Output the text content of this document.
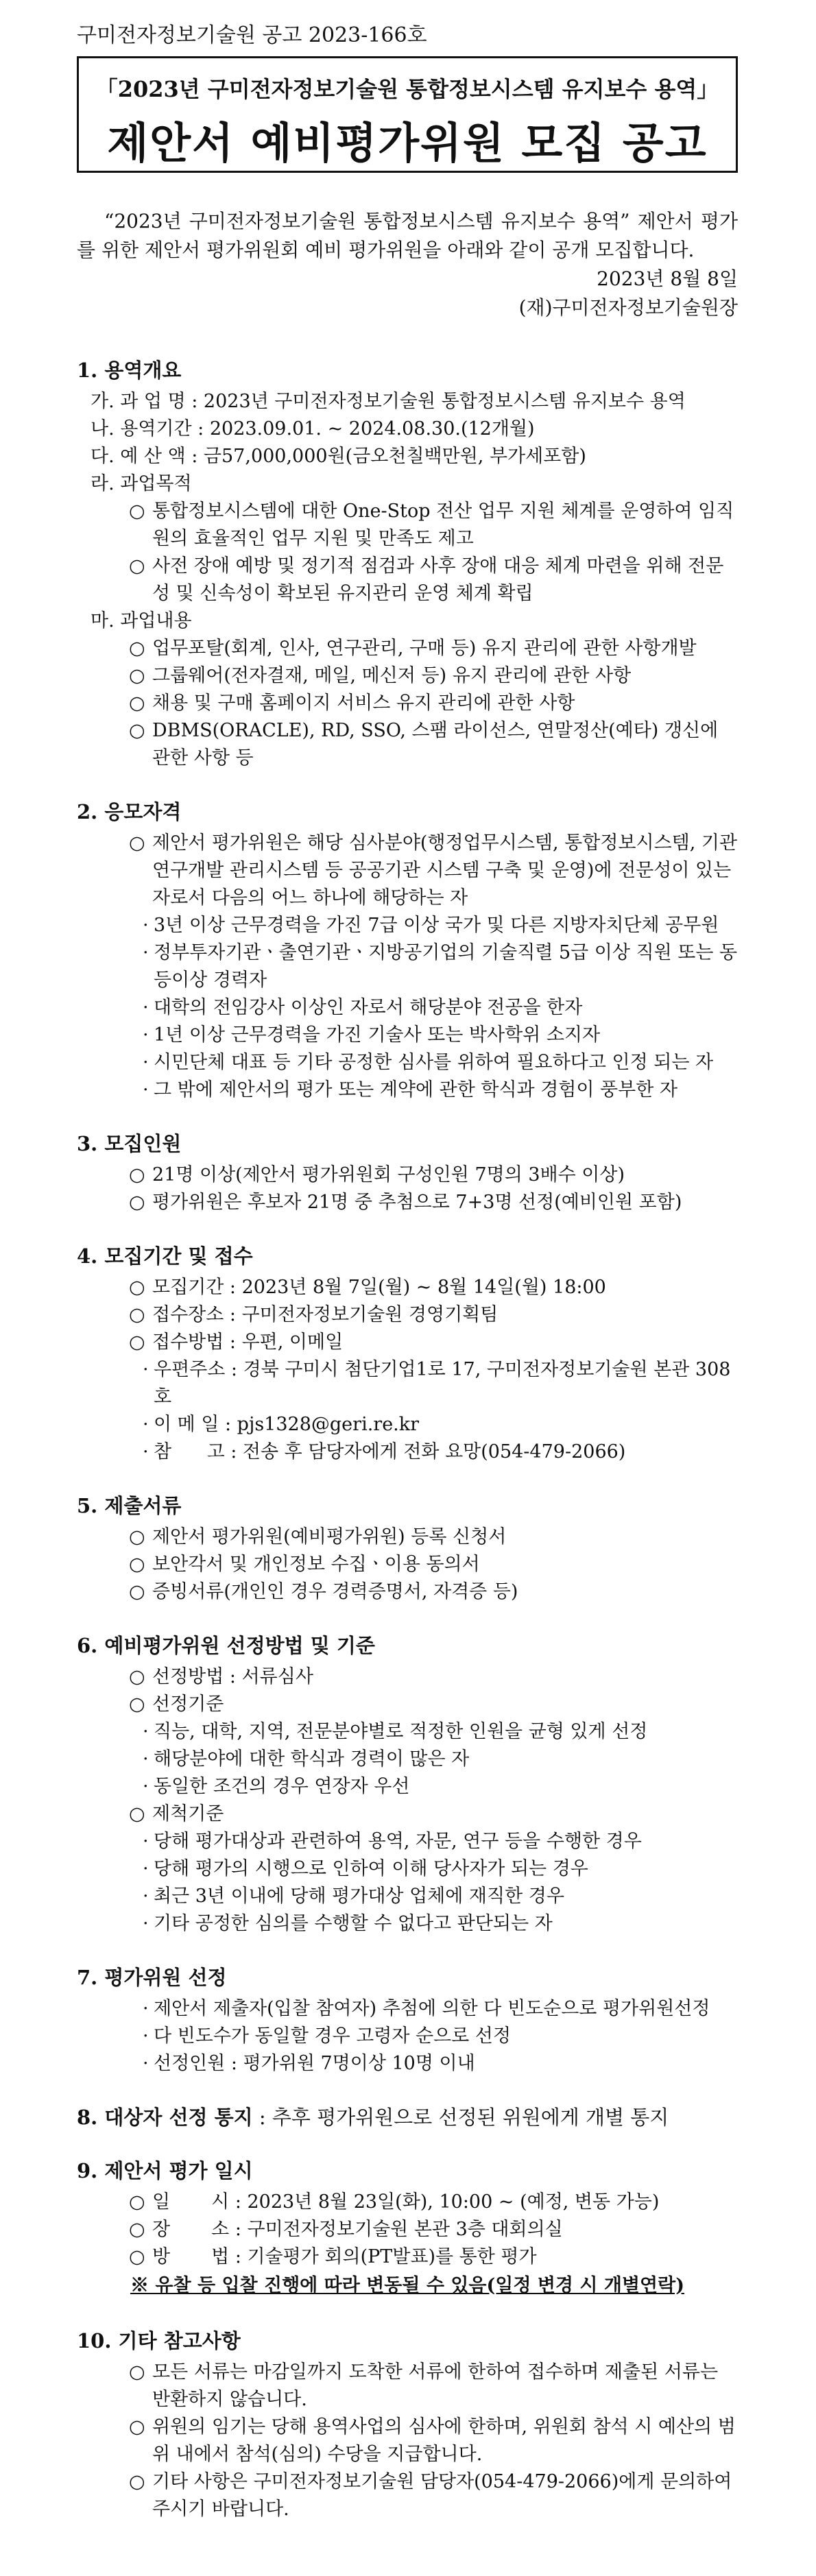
구미전자정보기술원 공고 2023-166호
「2023년 구미전자정보기술원 통합정보시스템 유지보수 용역」
제안서 예비평가위원 모집 공고
“2023년 구미전자정보기술원 통합정보시스템 유지보수 용역” 제안서 평가를 위한 제안서 평가위원회 예비 평가위원을 아래와 같이 공개 모집합니다.
2023년 8월 8일
(재)구미전자정보기술원장
1. 용역개요
가. 과 업 명 : 2023년 구미전자정보기술원 통합정보시스템 유지보수 용역
나. 용역기간 : 2023.09.01. ~ 2024.08.30.(12개월)
다. 예 산 액 : 금57,000,000원(금오천칠백만원, 부가세포함)
라. 과업목적
○ 통합정보시스템에 대한 One-Stop 전산 업무 지원 체계를 운영하여 임직원의 효율적인 업무 지원 및 만족도 제고
○ 사전 장애 예방 및 정기적 점검과 사후 장애 대응 체계 마련을 위해 전문성 및 신속성이 확보된 유지관리 운영 체계 확립
마. 과업내용
○ 업무포탈(회계, 인사, 연구관리, 구매 등) 유지 관리에 관한 사항개발
○ 그룹웨어(전자결재, 메일, 메신저 등) 유지 관리에 관한 사항
○ 채용 및 구매 홈페이지 서비스 유지 관리에 관한 사항
○ DBMS(ORACLE), RD, SSO, 스팸 라이선스, 연말정산(예타) 갱신에 관한 사항 등
2. 응모자격
○ 제안서 평가위원은 해당 심사분야(행정업무시스템, 통합정보시스템, 기관 연구개발 관리시스템 등 공공기관 시스템 구축 및 운영)에 전문성이 있는 자로서 다음의 어느 하나에 해당하는 자
· 3년 이상 근무경력을 가진 7급 이상 국가 및 다른 지방자치단체 공무원
· 정부투자기관ㆍ출연기관ㆍ지방공기업의 기술직렬 5급 이상 직원 또는 동등이상 경력자
· 대학의 전임강사 이상인 자로서 해당분야 전공을 한자
· 1년 이상 근무경력을 가진 기술사 또는 박사학위 소지자
· 시민단체 대표 등 기타 공정한 심사를 위하여 필요하다고 인정 되는 자
· 그 밖에 제안서의 평가 또는 계약에 관한 학식과 경험이 풍부한 자
3. 모집인원
○ 21명 이상(제안서 평가위원회 구성인원 7명의 3배수 이상)
○ 평가위원은 후보자 21명 중 추첨으로 7+3명 선정(예비인원 포함)
4. 모집기간 및 접수
○ 모집기간 : 2023년 8월 7일(월) ~ 8월 14일(월) 18:00
○ 접수장소 : 구미전자정보기술원 경영기획팀
○ 접수방법 : 우편, 이메일
· 우편주소 : 경북 구미시 첨단기업1로 17, 구미전자정보기술원 본관 308호
· 이 메 일 : pjs1328@geri.re.kr
· 참      고 : 전송 후 담당자에게 전화 요망(054-479-2066)
5. 제출서류
○ 제안서 평가위원(예비평가위원) 등록 신청서
○ 보안각서 및 개인정보 수집ㆍ이용 동의서
○ 증빙서류(개인인 경우 경력증명서, 자격증 등)
6. 예비평가위원 선정방법 및 기준
○ 선정방법 : 서류심사
○ 선정기준
· 직능, 대학, 지역, 전문분야별로 적정한 인원을 균형 있게 선정
· 해당분야에 대한 학식과 경력이 많은 자
· 동일한 조건의 경우 연장자 우선
○ 제척기준
· 당해 평가대상과 관련하여 용역, 자문, 연구 등을 수행한 경우
· 당해 평가의 시행으로 인하여 이해 당사자가 되는 경우
· 최근 3년 이내에 당해 평가대상 업체에 재직한 경우
· 기타 공정한 심의를 수행할 수 없다고 판단되는 자
7. 평가위원 선정
· 제안서 제출자(입찰 참여자) 추첨에 의한 다 빈도순으로 평가위원선정
· 다 빈도수가 동일할 경우 고령자 순으로 선정
· 선정인원 : 평가위원 7명이상 10명 이내
8. 대상자 선정 통지 : 추후 평가위원으로 선정된 위원에게 개별 통지
9. 제안서 평가 일시
○ 일       시 : 2023년 8월 23일(화), 10:00 ~ (예정, 변동 가능)
○ 장       소 : 구미전자정보기술원 본관 3층 대회의실
○ 방       법 : 기술평가 회의(PT발표)를 통한 평가
※ 유찰 등 입찰 진행에 따라 변동될 수 있음(일정 변경 시 개별연락)
10. 기타 참고사항
○ 모든 서류는 마감일까지 도착한 서류에 한하여 접수하며 제출된 서류는 반환하지 않습니다.
○ 위원의 임기는 당해 용역사업의 심사에 한하며, 위원회 참석 시 예산의 범위 내에서 참석(심의) 수당을 지급합니다.
○ 기타 사항은 구미전자정보기술원 담당자(054-479-2066)에게 문의하여 주시기 바랍니다.
